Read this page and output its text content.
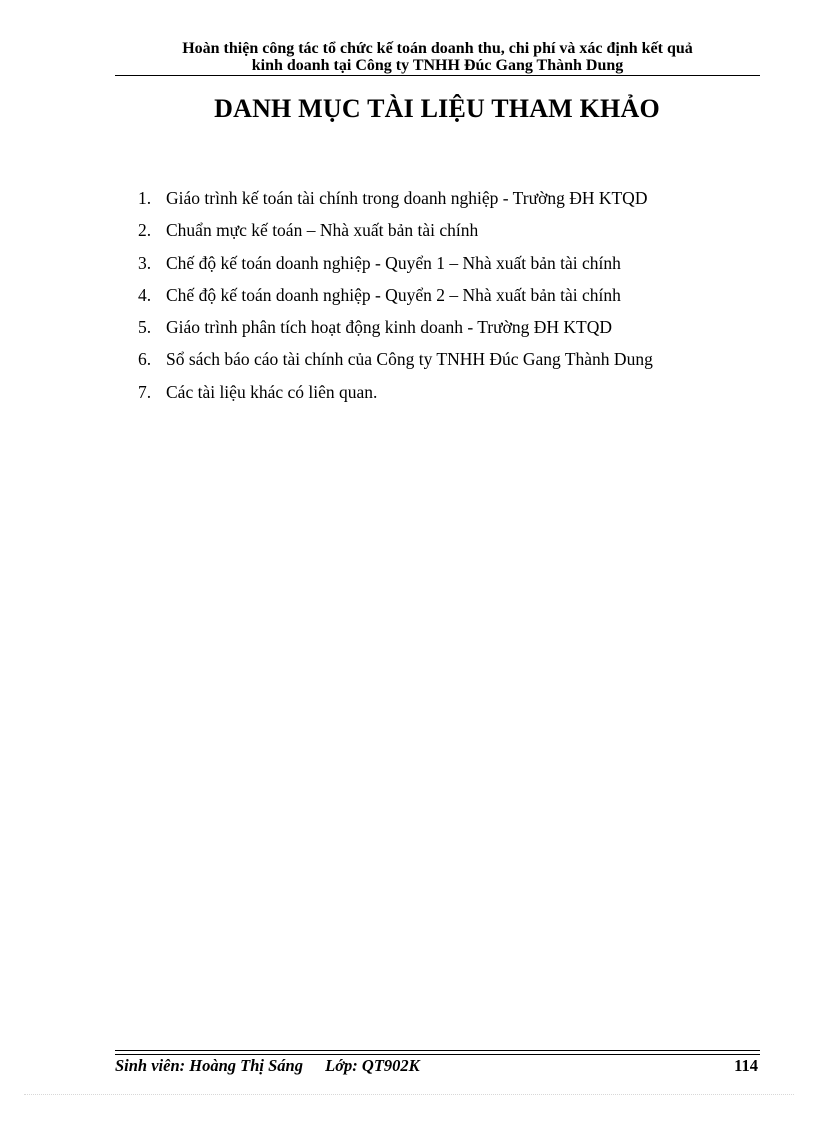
Hoàn thiện công tác tổ chức kế toán doanh thu, chi phí và xác định kết quả
kinh doanh tại Công ty TNHH Đúc Gang Thành Dung
DANH MỤC TÀI LIỆU THAM KHẢO
1. Giáo trình kế toán tài chính trong doanh nghiệp - Trường ĐH KTQD
2. Chuẩn mực kế toán – Nhà xuất bản tài chính
3. Chế độ kế toán doanh nghiệp - Quyển 1 – Nhà xuất bản tài chính
4. Chế độ kế toán doanh nghiệp - Quyển 2 – Nhà xuất bản tài chính
5. Giáo trình phân tích hoạt động kinh doanh - Trường ĐH KTQD
6. Sổ sách báo cáo tài chính của Công ty TNHH Đúc Gang Thành Dung
7. Các tài liệu khác có liên quan.
Sinh viên: Hoàng Thị Sáng Lớp: QT902K	114
